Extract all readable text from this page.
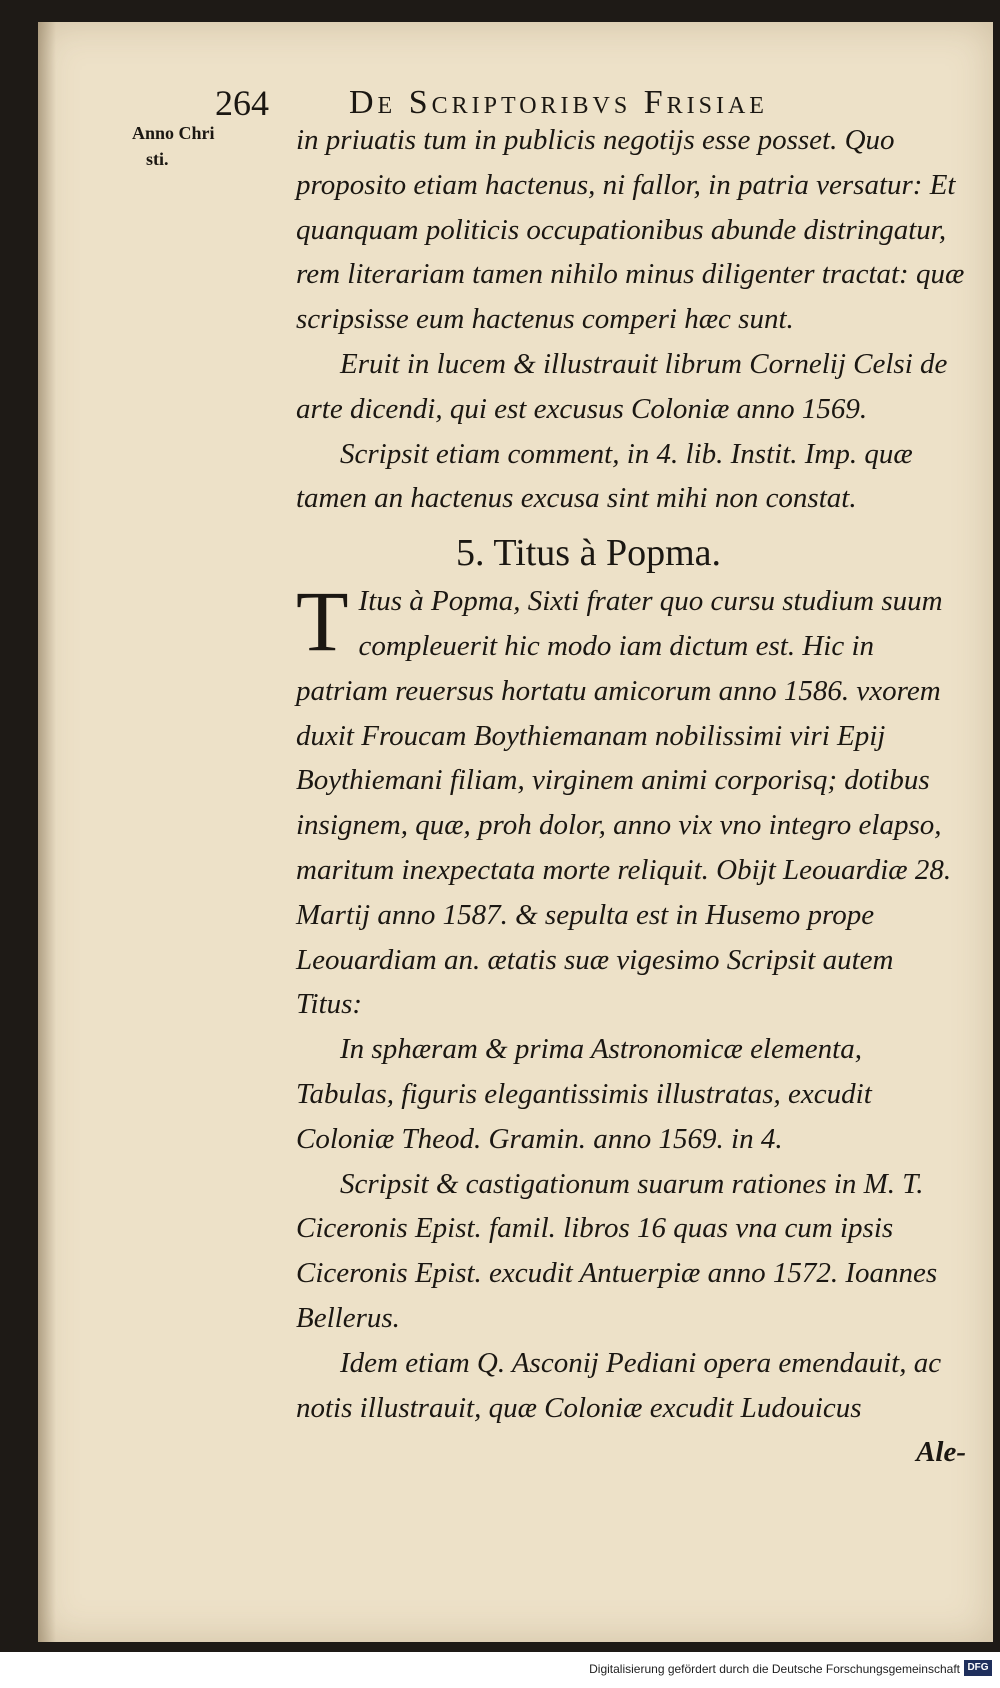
264 De Scriptoribvs Frisiae
Anno Chri
sti.

in priuatis tum in publicis negotijs esse posset. Quo proposito etiam hactenus, ni fallor, in patria versatur: Et quanquam politicis occupationibus abunde distringatur, rem literariam tamen nihilo minus diligenter tractat: quæ scripsisse eum hactenus comperi hæc sunt.

Eruit in lucem & illustrauit librum Cornelij Celsi de arte dicendi, qui est excusus Coloniæ anno 1569.

Scripsit etiam comment, in 4. lib. Instit. Imp. quæ tamen an hactenus excusa sint mihi non constat.

5. Titus à Popma.

T Itus à Popma, Sixti frater quo cursu studium suum compleuerit hic modo iam dictum est. Hic in patriam reuersus hortatu amicorum anno 1586. vxorem duxit Froucam Boythiemanam nobilissimi viri Epij Boythiemani filiam, virginem animi corporisq; dotibus insignem, quæ, proh dolor, anno vix vno integro elapso, maritum inexpectata morte reliquit. Obijt Leouardiæ 28. Martij anno 1587. & sepulta est in Husemo prope Leouardiam an. ætatis suæ vigesimo Scripsit autem Titus:

In sphæram & prima Astronomicæ elementa, Tabulas, figuris elegantissimis illustratas, excudit Coloniæ Theod. Gramin. anno 1569. in 4.

Scripsit & castigationum suarum rationes in M. T. Ciceronis Epist. famil. libros 16 quas vna cum ipsis Ciceronis Epist. excudit Antuerpiæ anno 1572. Ioannes Bellerus.

Idem etiam Q. Asconij Pediani opera emendauit, ac notis illustrauit, quæ Coloniæ excudit Ludouicus

Ale-

Digitalisierung gefördert durch die Deutsche Forschungsgemeinschaft DFG
